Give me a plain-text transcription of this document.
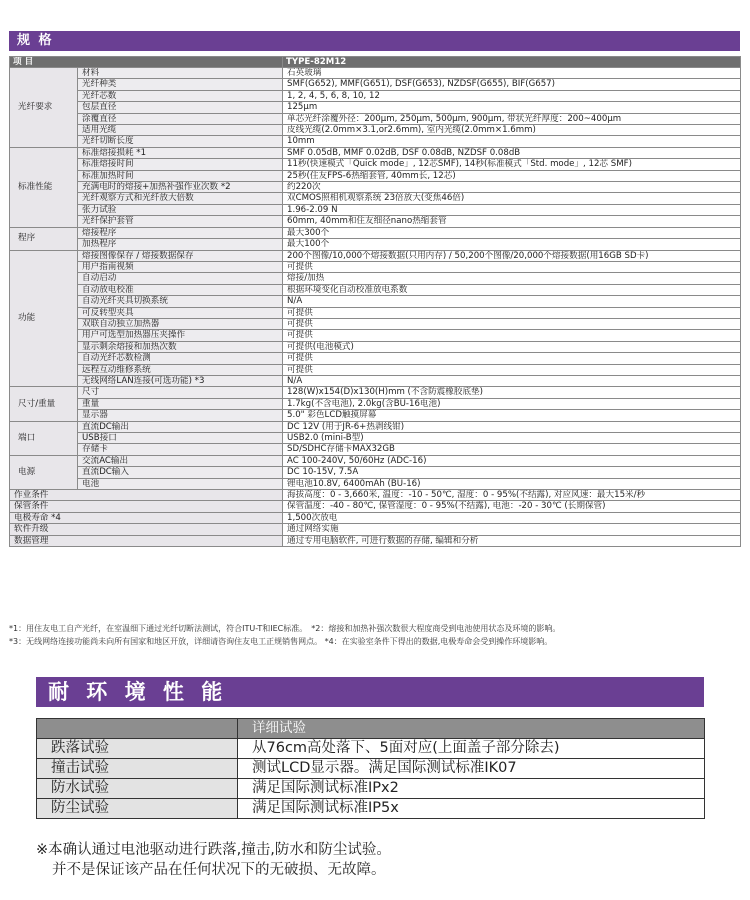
规 格
项 目		TYPE-82M12
光纤要求	材料	石英玻璃
	光纤种类	SMF(G652), MMF(G651), DSF(G653), NZDSF(G655), BIF(G657)
	光纤芯数	1, 2, 4, 5, 6, 8, 10, 12
	包层直径	125μm
	涂覆直径	单芯光纤涂覆外径：200μm, 250μm, 500μm, 900μm, 带状光纤厚度：200~400μm
	适用光缆	皮线光缆(2.0mm×3.1,or2.6mm), 室内光缆(2.0mm×1.6mm)
	光纤切断长度	10mm
标准性能	标准熔接损耗 *1	SMF 0.05dB, MMF 0.02dB, DSF 0.08dB, NZDSF 0.08dB
	标准熔接时间	11秒(快速模式「Quick mode」, 12芯SMF), 14秒(标准模式「Std. mode」, 12芯 SMF)
	标准加热时间	25秒(住友FPS-6热缩套管, 40mm长, 12芯)
	充满电时的熔接+加热补强作业次数 *2	约220次
	光纤观察方式和光纤放大倍数	双CMOS照相机观察系统 23倍放大(变焦46倍)
	张力试验	1.96-2.09 N
	光纤保护套管	60mm, 40mm和住友细径nano热缩套管
程序	熔接程序	最大300个
	加热程序	最大100个
功能	熔接图像保存 / 熔接数据保存	200个图像/10,000个熔接数据(只用内存) / 50,200个图像/20,000个熔接数据(用16GB SD卡)
	用户指南视频	可提供
	自动启动	熔接/加热
	自动放电校准	根据环境变化自动校准放电系数
	自动光纤夹具切换系统	N/A
	可反转型夹具	可提供
	双联自动独立加热器	可提供
	用户可选型加热器压夹操作	可提供
	显示剩余熔接和加热次数	可提供(电池模式)
	自动光纤芯数检测	可提供
	远程互动维修系统	可提供
	无线网络LAN连接(可选功能) *3	N/A
尺寸/重量	尺寸	128(W)x154(D)x130(H)mm (不含防震橡胶底垫)
	重量	1.7kg(不含电池), 2.0kg(含BU-16电池)
	显示器	5.0" 彩色LCD触摸屏幕
端口	直流DC输出	DC 12V (用于JR-6+热剥线钳)
	USB接口	USB2.0 (mini-B型)
	存储卡	SD/SDHC存储卡MAX32GB
电源	交流AC输出	AC 100-240V, 50/60Hz (ADC-16)
	直流DC输入	DC 10-15V, 7.5A
	电池	锂电池10.8V, 6400mAh (BU-16)
作业条件		海拔高度：0 - 3,660米, 温度：-10 - 50℃, 湿度：0 - 95%(不结露), 对应风速：最大15米/秒
保管条件		保管温度：-40 - 80℃, 保管湿度：0 - 95%(不结露), 电池：-20 - 30℃ (长期保管)
电极寿命 *4		1,500次放电
软件升级		通过网络实施
数据管理		通过专用电脑软件, 可进行数据的存储, 编辑和分析
*1：用住友电工自产光纤，在室温细下通过光纤切断法测试，符合ITU-T和IEC标准。　*2：熔接和加热补强次数很大程度商受到电池使用状态及环境的影响。
*3：无线网络连接功能尚未向所有国家和地区开放，详细请咨询住友电工正规销售网点。 *4：在实验室条件下得出的数据,电极寿命会受到操作环境影响。
耐 环 境 性 能
	详细试验
跌落试验	从76cm高处落下、5面对应(上面盖子部分除去)
撞击试验	测试LCD显示器。满足国际测试标准IK07
防水试验	满足国际测试标准IPx2
防尘试验	满足国际测试标准IP5x
※本确认通过电池驱动进行跌落,撞击,防水和防尘试验。
并不是保证该产品在任何状况下的无破损、无故障。
